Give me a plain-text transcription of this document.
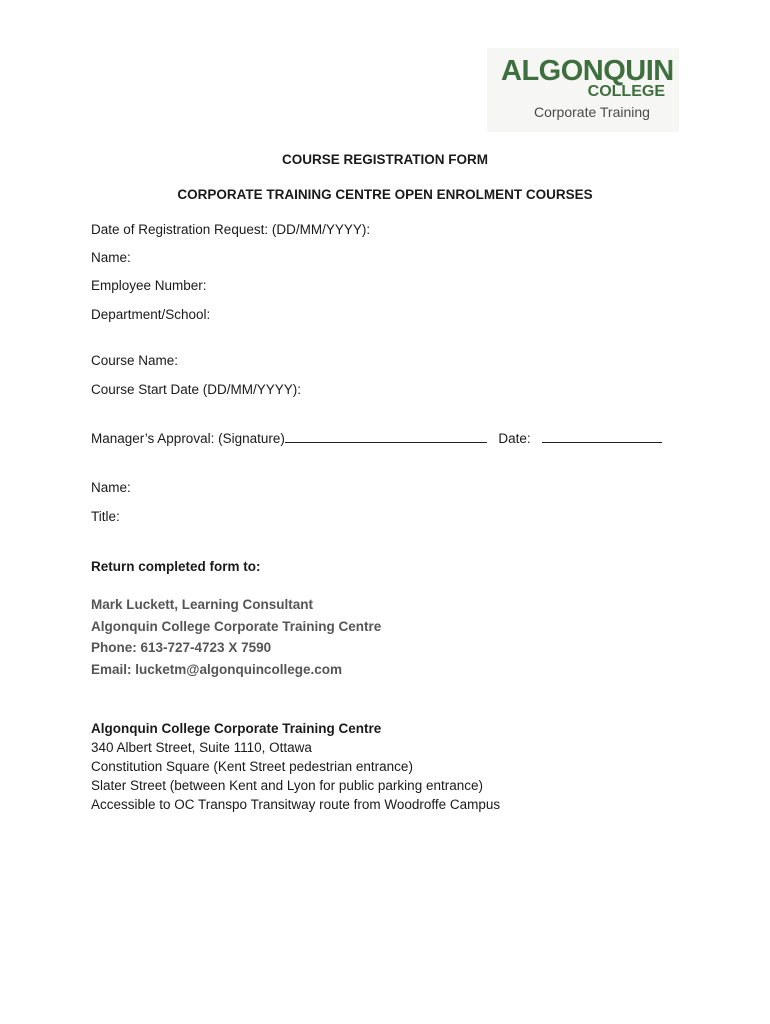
ALGONQUIN
COLLEGE
Corporate Training
COURSE REGISTRATION FORM
CORPORATE TRAINING CENTRE OPEN ENROLMENT COURSES
Date of Registration Request: (DD/MM/YYYY):
Name:
Employee Number:
Department/School:
Course Name:
Course Start Date (DD/MM/YYYY):
Manager’s Approval: (Signature)	Date:
Name:
Title:
Return completed form to:
Mark Luckett, Learning Consultant
Algonquin College Corporate Training Centre
Phone: 613-727-4723 X 7590
Email: lucketm@algonquincollege.com
Algonquin College Corporate Training Centre
340 Albert Street, Suite 1110, Ottawa
Constitution Square (Kent Street pedestrian entrance)
Slater Street (between Kent and Lyon for public parking entrance)
Accessible to OC Transpo Transitway route from Woodroffe Campus
